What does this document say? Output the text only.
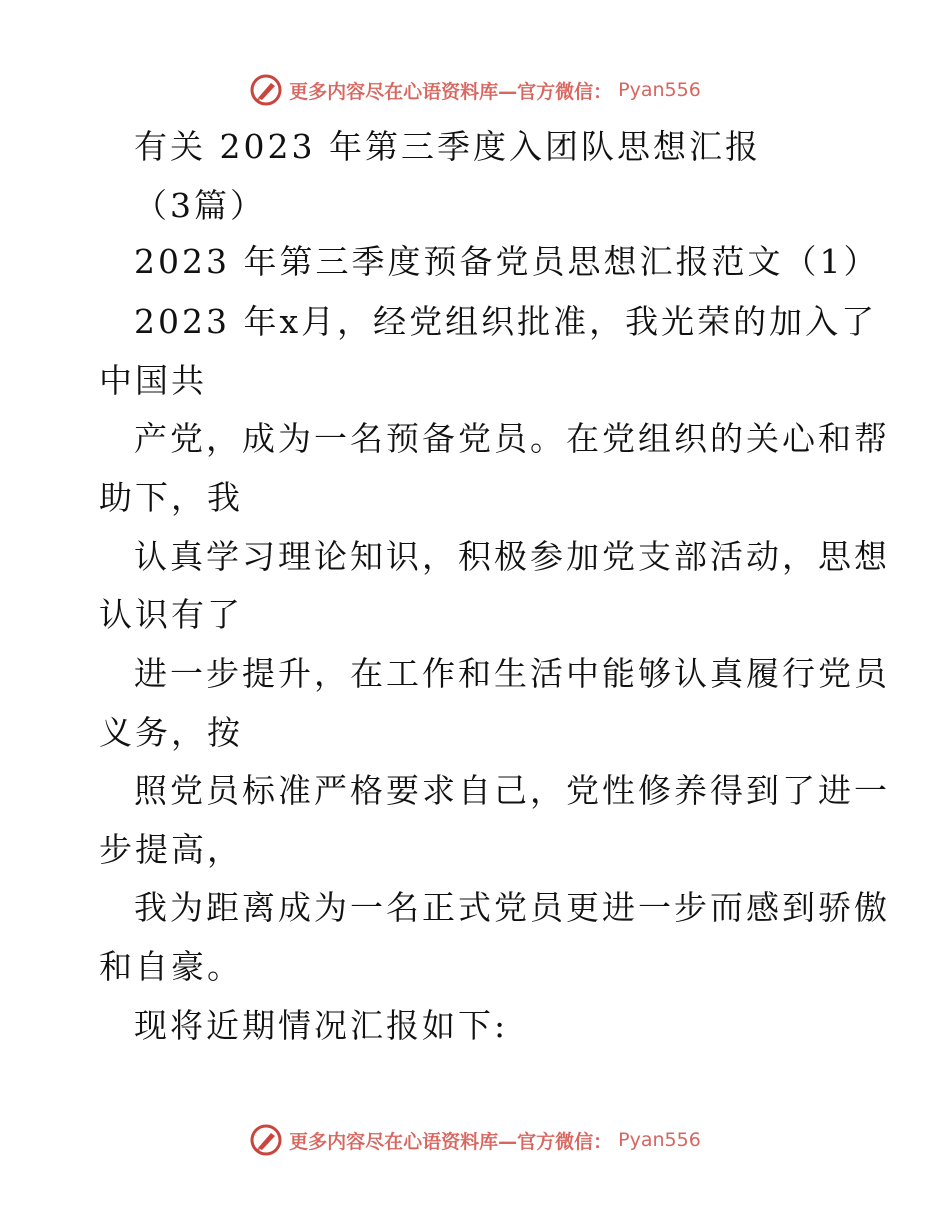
更多内容尽在心语资料库—官方微信： Pyan556
有关 2023 年第三季度入团队思想汇报
（3篇）
2023 年第三季度预备党员思想汇报范文（1）
2023 年x月，经党组织批准，我光荣的加入了
中国共
产党，成为一名预备党员。在党组织的关心和帮
助下，我
认真学习理论知识，积极参加党支部活动，思想
认识有了
进一步提升，在工作和生活中能够认真履行党员
义务，按
照党员标准严格要求自己，党性修养得到了进一
步提高，
我为距离成为一名正式党员更进一步而感到骄傲
和自豪。
现将近期情况汇报如下:
更多内容尽在心语资料库—官方微信： Pyan556
